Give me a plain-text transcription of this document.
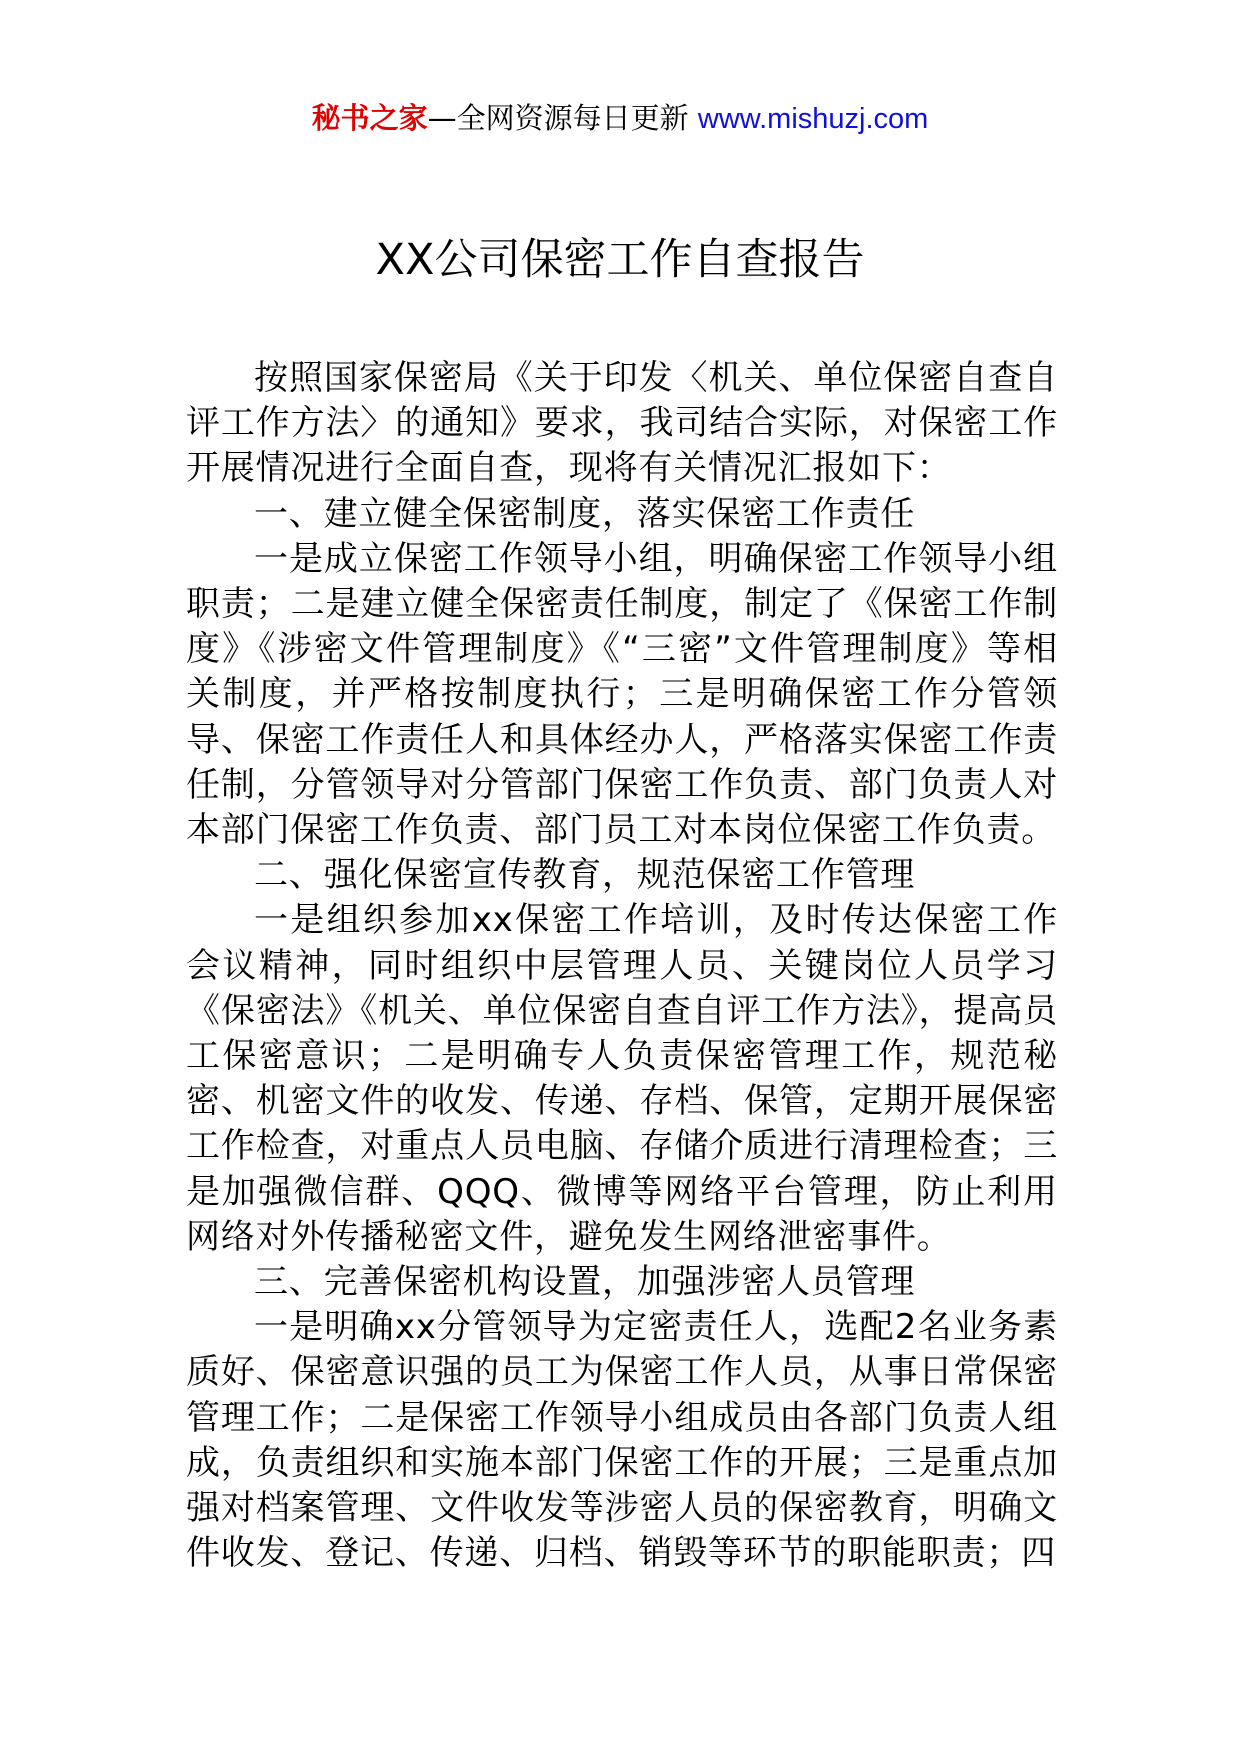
秘书之家—全网资源每日更新 www.mishuzj.com
XX公司保密工作自查报告

按照国家保密局《关于印发〈机关、单位保密自查自评工作方法〉的通知》要求，我司结合实际，对保密工作开展情况进行全面自查，现将有关情况汇报如下：

一、建立健全保密制度，落实保密工作责任

一是成立保密工作领导小组，明确保密工作领导小组职责；二是建立健全保密责任制度，制定了《保密工作制度》《涉密文件管理制度》《“三密”文件管理制度》等相关制度，并严格按制度执行；三是明确保密工作分管领导、保密工作责任人和具体经办人，严格落实保密工作责任制，分管领导对分管部门保密工作负责、部门负责人对本部门保密工作负责、部门员工对本岗位保密工作负责。

二、强化保密宣传教育，规范保密工作管理

一是组织参加xx保密工作培训，及时传达保密工作会议精神，同时组织中层管理人员、关键岗位人员学习《保密法》《机关、单位保密自查自评工作方法》，提高员工保密意识；二是明确专人负责保密管理工作，规范秘密、机密文件的收发、传递、存档、保管，定期开展保密工作检查，对重点人员电脑、存储介质进行清理检查；三是加强微信群、QQQ、微博等网络平台管理，防止利用网络对外传播秘密文件，避免发生网络泄密事件。

三、完善保密机构设置，加强涉密人员管理

一是明确xx分管领导为定密责任人，选配2名业务素质好、保密意识强的员工为保密工作人员，从事日常保密管理工作；二是保密工作领导小组成员由各部门负责人组成，负责组织和实施本部门保密工作的开展；三是重点加强对档案管理、文件收发等涉密人员的保密教育，明确文件收发、登记、传递、归档、销毁等环节的职能职责；四
